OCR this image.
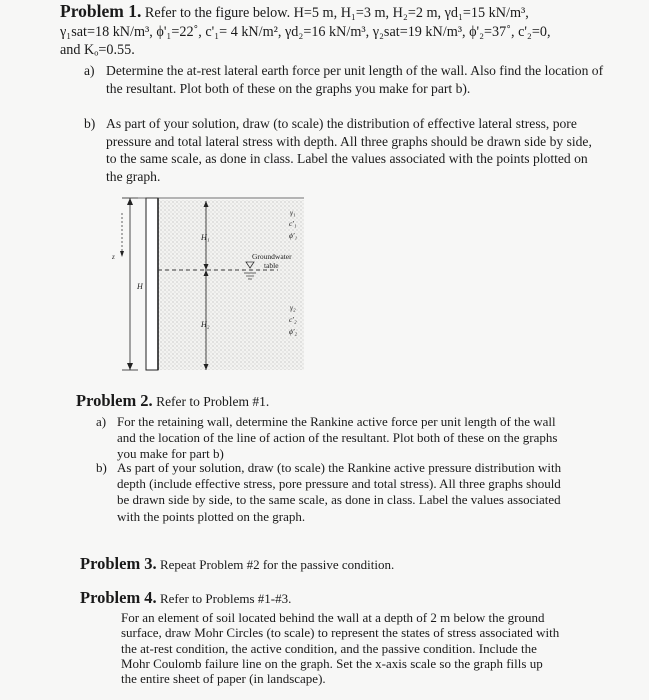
Problem 1. Refer to the figure below. H=5 m, H₁=3 m, H₂=2 m, γd₁=15 kN/m³,
γ₁sat=18 kN/m³, ϕ'₁=22˚, c'₁= 4 kN/m², γd₂=16 kN/m³, γ₂sat=19 kN/m³, ϕ'₂=37˚, c'₂=0,
and Kₒ=0.55.
a) Determine the at-rest lateral earth force per unit length of the wall. Also find the location of the resultant. Plot both of these on the graphs you make for part b).
b) As part of your solution, draw (to scale) the distribution of effective lateral stress, pore pressure and total lateral stress with depth. All three graphs should be drawn side by side, to the same scale, as done in class. Label the values associated with the points plotted on the graph.
H
z
H₁
H₂
Groundwater
table
γ₁
c′₁
ϕ′₁
γ₂
c′₂
ϕ′₂
Problem 2. Refer to Problem #1.
a) For the retaining wall, determine the Rankine active force per unit length of the wall and the location of the line of action of the resultant. Plot both of these on the graphs you make for part b)
b) As part of your solution, draw (to scale) the Rankine active pressure distribution with depth (include effective stress, pore pressure and total stress). All three graphs should be drawn side by side, to the same scale, as done in class. Label the values associated with the points plotted on the graph.
Problem 3. Repeat Problem #2 for the passive condition.
Problem 4. Refer to Problems #1-#3.
For an element of soil located behind the wall at a depth of 2 m below the ground surface, draw Mohr Circles (to scale) to represent the states of stress associated with the at-rest condition, the active condition, and the passive condition. Include the Mohr Coulomb failure line on the graph. Set the x-axis scale so the graph fills up the entire sheet of paper (in landscape).
